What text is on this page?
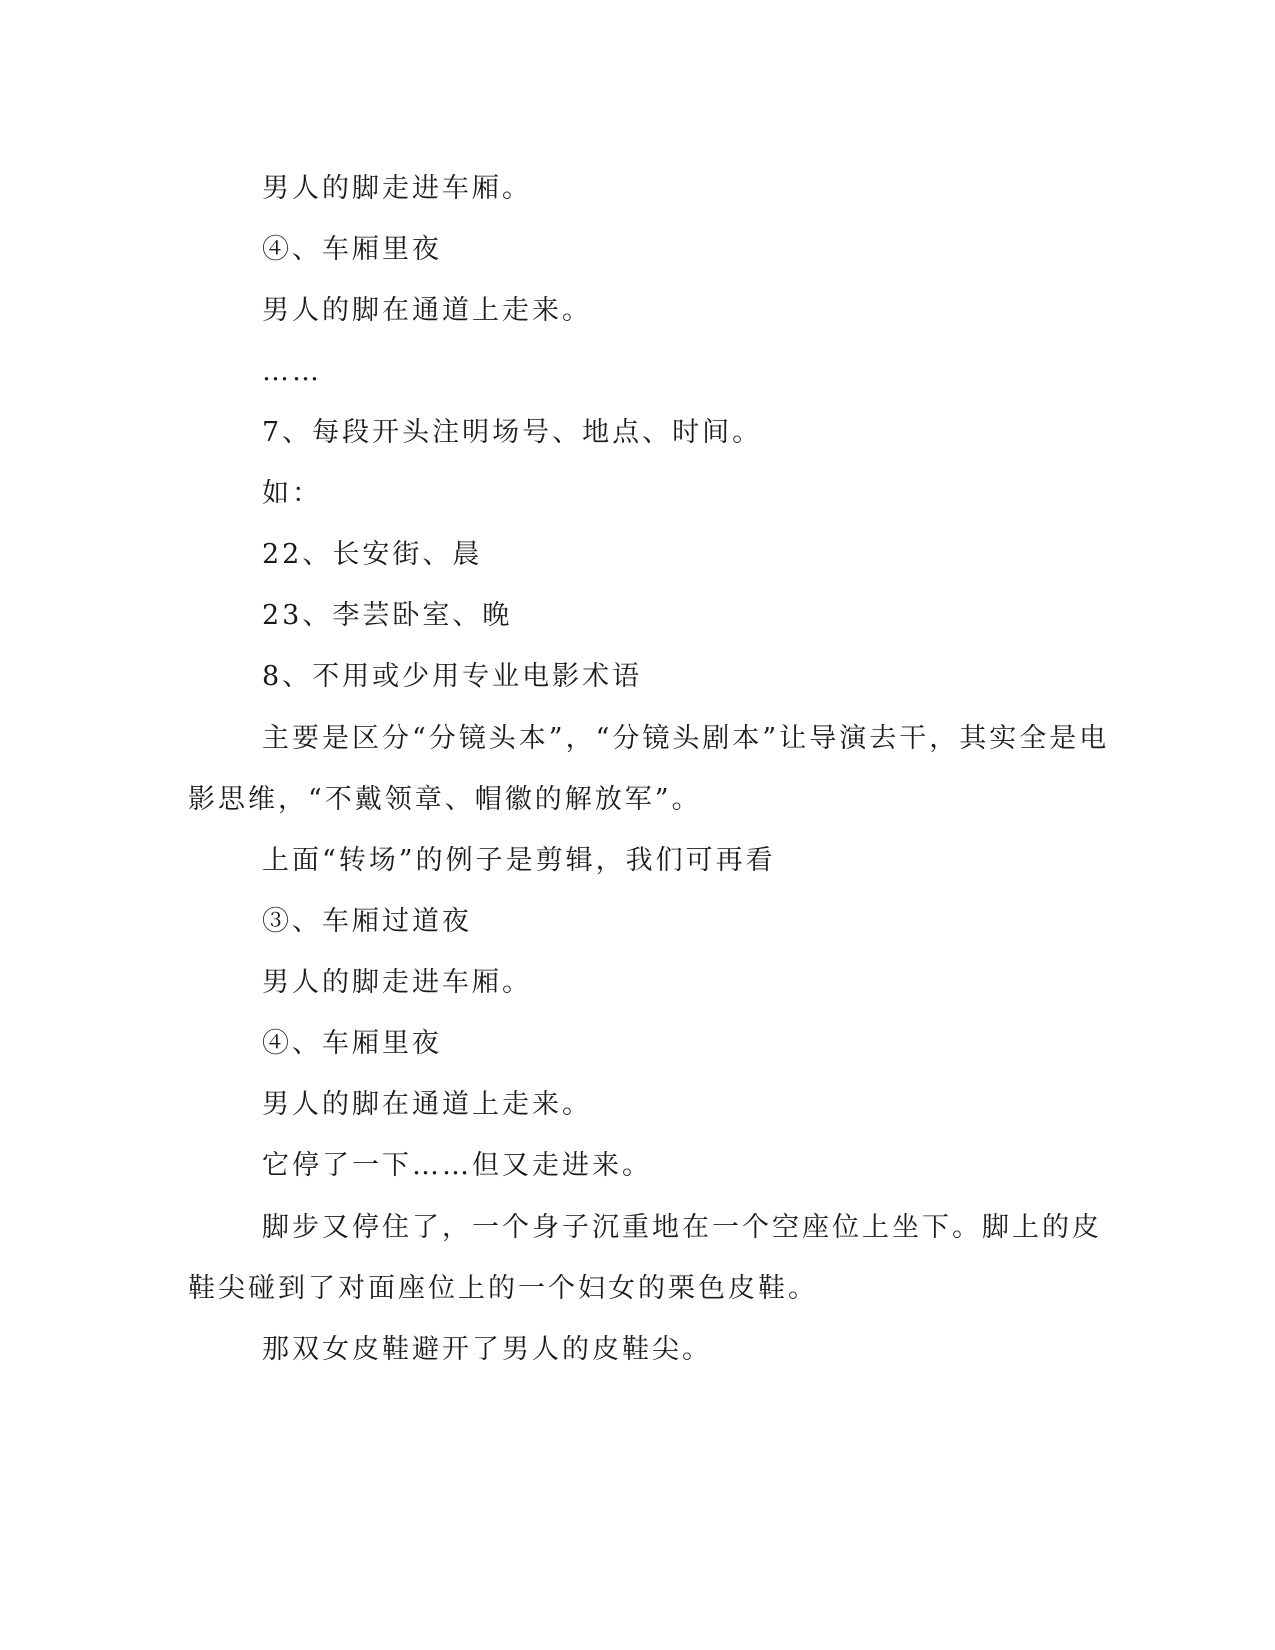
男人的脚走进车厢。
④、车厢里夜
男人的脚在通道上走来。
……
7、每段开头注明场号、地点、时间。
如：
22、长安街、晨
23、李芸卧室、晚
8、不用或少用专业电影术语
主要是区分“分镜头本”，“分镜头剧本”让导演去干，其实全是电
影思维，“不戴领章、帽徽的解放军”。
上面“转场”的例子是剪辑，我们可再看
③、车厢过道夜
男人的脚走进车厢。
④、车厢里夜
男人的脚在通道上走来。
它停了一下……但又走进来。
脚步又停住了，一个身子沉重地在一个空座位上坐下。脚上的皮
鞋尖碰到了对面座位上的一个妇女的栗色皮鞋。
那双女皮鞋避开了男人的皮鞋尖。
